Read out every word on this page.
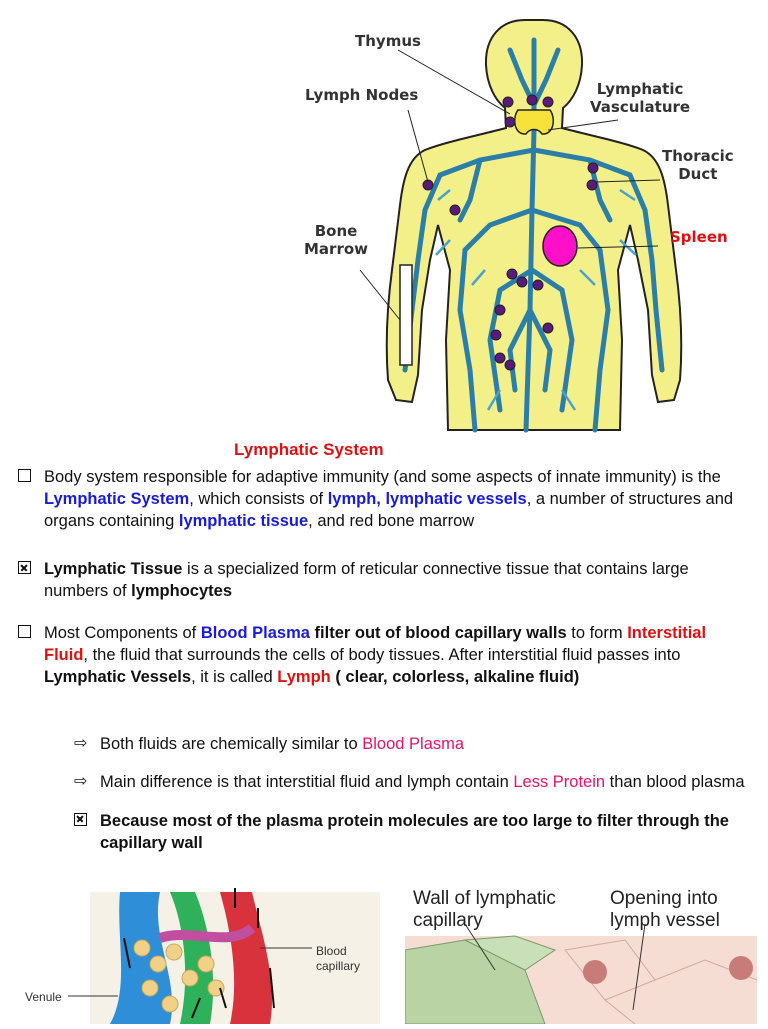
Thymus
Lymph Nodes	Lymphatic
Vasculature
Thoracic
Duct
Bone
Marrow
Spleen
Lymphatic System

Body system responsible for adaptive immunity (and some aspects of innate immunity) is the Lymphatic System, which consists of lymph, lymphatic vessels, a number of structures and organs containing lymphatic tissue, and red bone marrow

Lymphatic Tissue is a specialized form of reticular connective tissue that contains large numbers of lymphocytes

Most Components of Blood Plasma filter out of blood capillary walls to form Interstitial Fluid, the fluid that surrounds the cells of body tissues. After interstitial fluid passes into Lymphatic Vessels, it is called Lymph ( clear, colorless, alkaline fluid)

⇨ Both fluids are chemically similar to Blood Plasma

⇨ Main difference is that interstitial fluid and lymph contain Less Protein than blood plasma

Because most of the plasma protein molecules are too large to filter through the capillary wall

Venule
Blood
capillary
Wall of lymphatic
capillary
Opening into
lymph vessel
